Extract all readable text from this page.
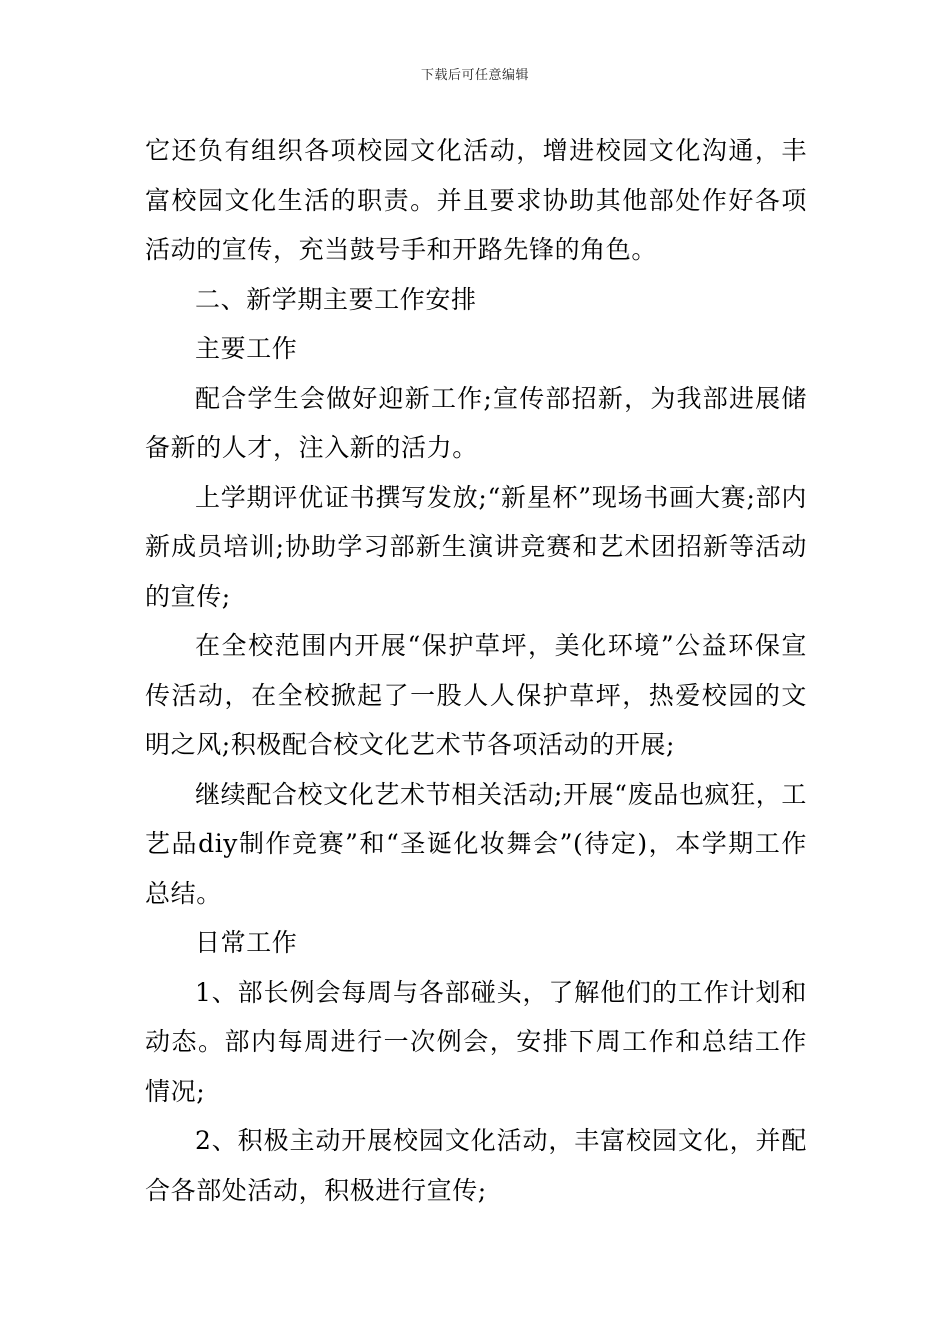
下载后可任意编辑

它还负有组织各项校园文化活动，增进校园文化沟通，丰富校园文化生活的职责。并且要求协助其他部处作好各项活动的宣传，充当鼓号手和开路先锋的角色。

二、新学期主要工作安排

主要工作

配合学生会做好迎新工作;宣传部招新，为我部进展储备新的人才，注入新的活力。

上学期评优证书撰写发放;“新星杯”现场书画大赛;部内新成员培训;协助学习部新生演讲竞赛和艺术团招新等活动的宣传;

在全校范围内开展“保护草坪，美化环境”公益环保宣传活动，在全校掀起了一股人人保护草坪，热爱校园的文明之风;积极配合校文化艺术节各项活动的开展;

继续配合校文化艺术节相关活动;开展“废品也疯狂，工艺品diy制作竞赛”和“圣诞化妆舞会”(待定)，本学期工作总结。

日常工作

1、部长例会每周与各部碰头，了解他们的工作计划和动态。部内每周进行一次例会，安排下周工作和总结工作情况;

2、积极主动开展校园文化活动，丰富校园文化，并配合各部处活动，积极进行宣传;
